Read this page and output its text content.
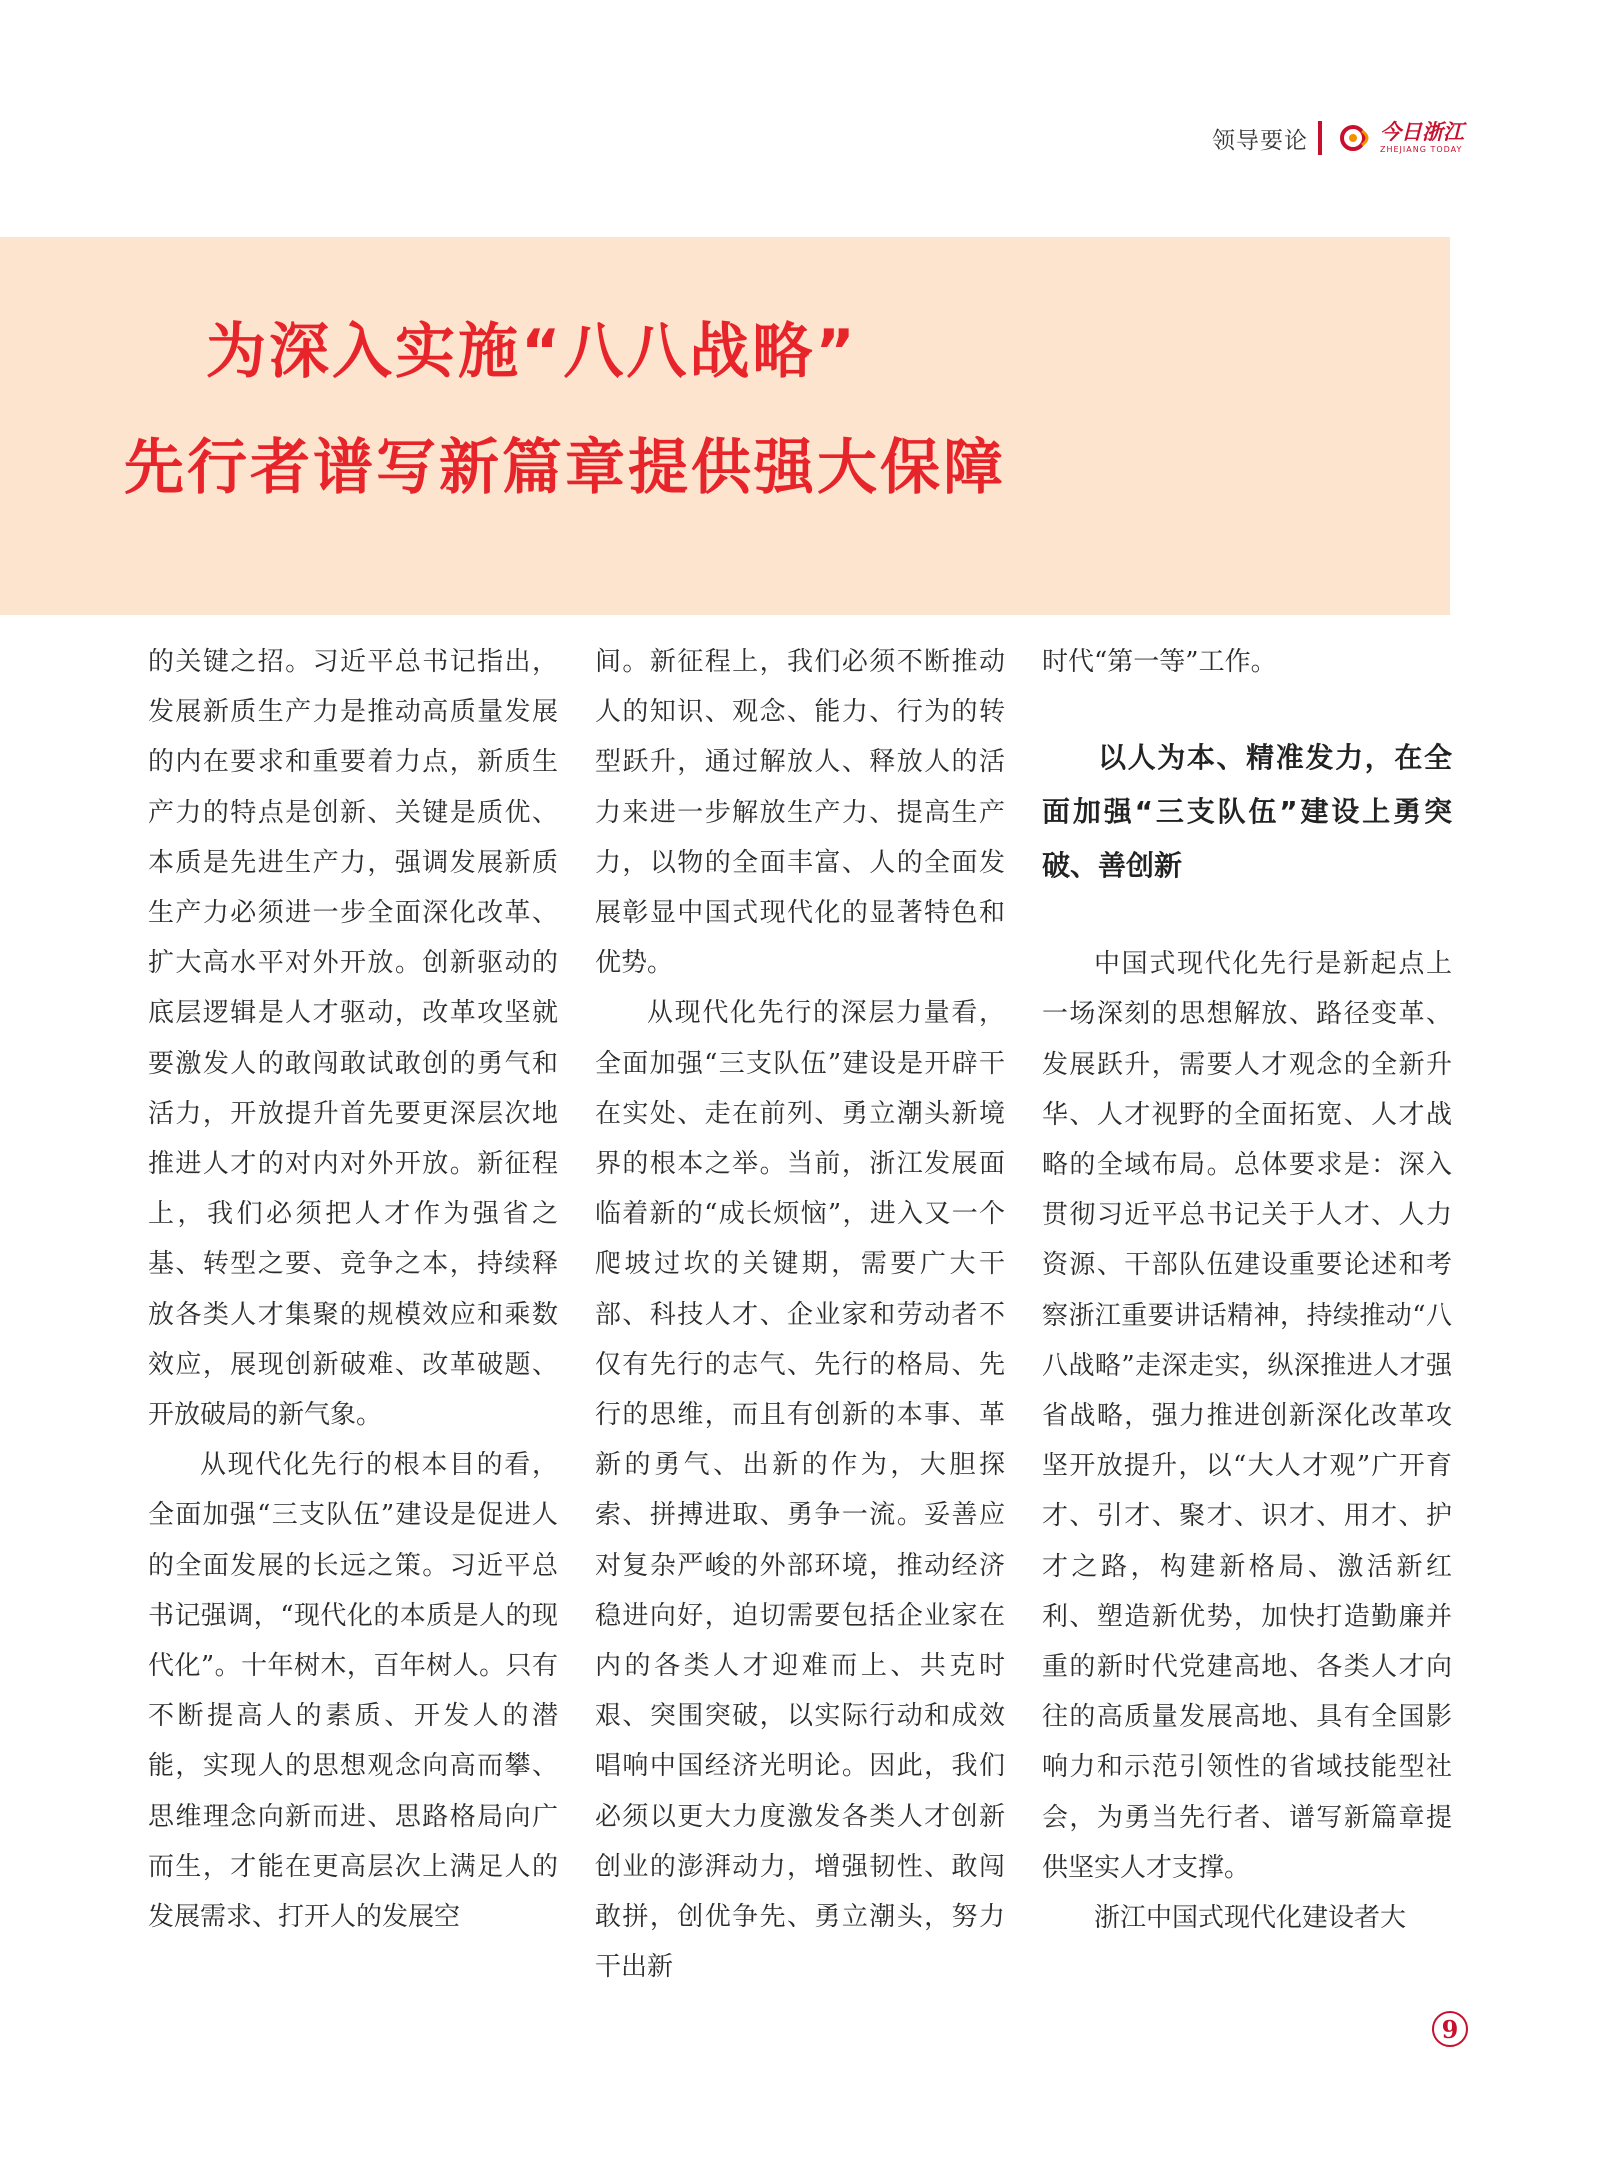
领导要论	今日浙江
ZHEJIANG TODAY
为深入实施“八八战略”
先行者谱写新篇章提供强大保障

的关键之招。习近平总书记指出，发展新质生产力是推动高质量发展的内在要求和重要着力点，新质生产力的特点是创新、关键是质优、本质是先进生产力，强调发展新质生产力必须进一步全面深化改革、扩大高水平对外开放。创新驱动的底层逻辑是人才驱动，改革攻坚就要激发人的敢闯敢试敢创的勇气和活力，开放提升首先要更深层次地推进人才的对内对外开放。新征程上，我们必须把人才作为强省之基、转型之要、竞争之本，持续释放各类人才集聚的规模效应和乘数效应，展现创新破难、改革破题、开放破局的新气象。

从现代化先行的根本目的看，全面加强“三支队伍”建设是促进人的全面发展的长远之策。习近平总书记强调，“现代化的本质是人的现代化”。十年树木，百年树人。只有不断提高人的素质、开发人的潜能，实现人的思想观念向高而攀、思维理念向新而进、思路格局向广而生，才能在更高层次上满足人的发展需求、打开人的发展空

间。新征程上，我们必须不断推动人的知识、观念、能力、行为的转型跃升，通过解放人、释放人的活力来进一步解放生产力、提高生产力，以物的全面丰富、人的全面发展彰显中国式现代化的显著特色和优势。

从现代化先行的深层力量看，全面加强“三支队伍”建设是开辟干在实处、走在前列、勇立潮头新境界的根本之举。当前，浙江发展面临着新的“成长烦恼”，进入又一个爬坡过坎的关键期，需要广大干部、科技人才、企业家和劳动者不仅有先行的志气、先行的格局、先行的思维，而且有创新的本事、革新的勇气、出新的作为，大胆探索、拼搏进取、勇争一流。妥善应对复杂严峻的外部环境，推动经济稳进向好，迫切需要包括企业家在内的各类人才迎难而上、共克时艰、突围突破，以实际行动和成效唱响中国经济光明论。因此，我们必须以更大力度激发各类人才创新创业的澎湃动力，增强韧性、敢闯敢拼，创优争先、勇立潮头，努力干出新

时代“第一等”工作。

以人为本、精准发力，在全面加强“三支队伍”建设上勇突破、善创新

中国式现代化先行是新起点上一场深刻的思想解放、路径变革、发展跃升，需要人才观念的全新升华、人才视野的全面拓宽、人才战略的全域布局。总体要求是：深入贯彻习近平总书记关于人才、人力资源、干部队伍建设重要论述和考察浙江重要讲话精神，持续推动“八八战略”走深走实，纵深推进人才强省战略，强力推进创新深化改革攻坚开放提升，以“大人才观”广开育才、引才、聚才、识才、用才、护才之路，构建新格局、激活新红利、塑造新优势，加快打造勤廉并重的新时代党建高地、各类人才向往的高质量发展高地、具有全国影响力和示范引领性的省域技能型社会，为勇当先行者、谱写新篇章提供坚实人才支撑。

浙江中国式现代化建设者大

9
